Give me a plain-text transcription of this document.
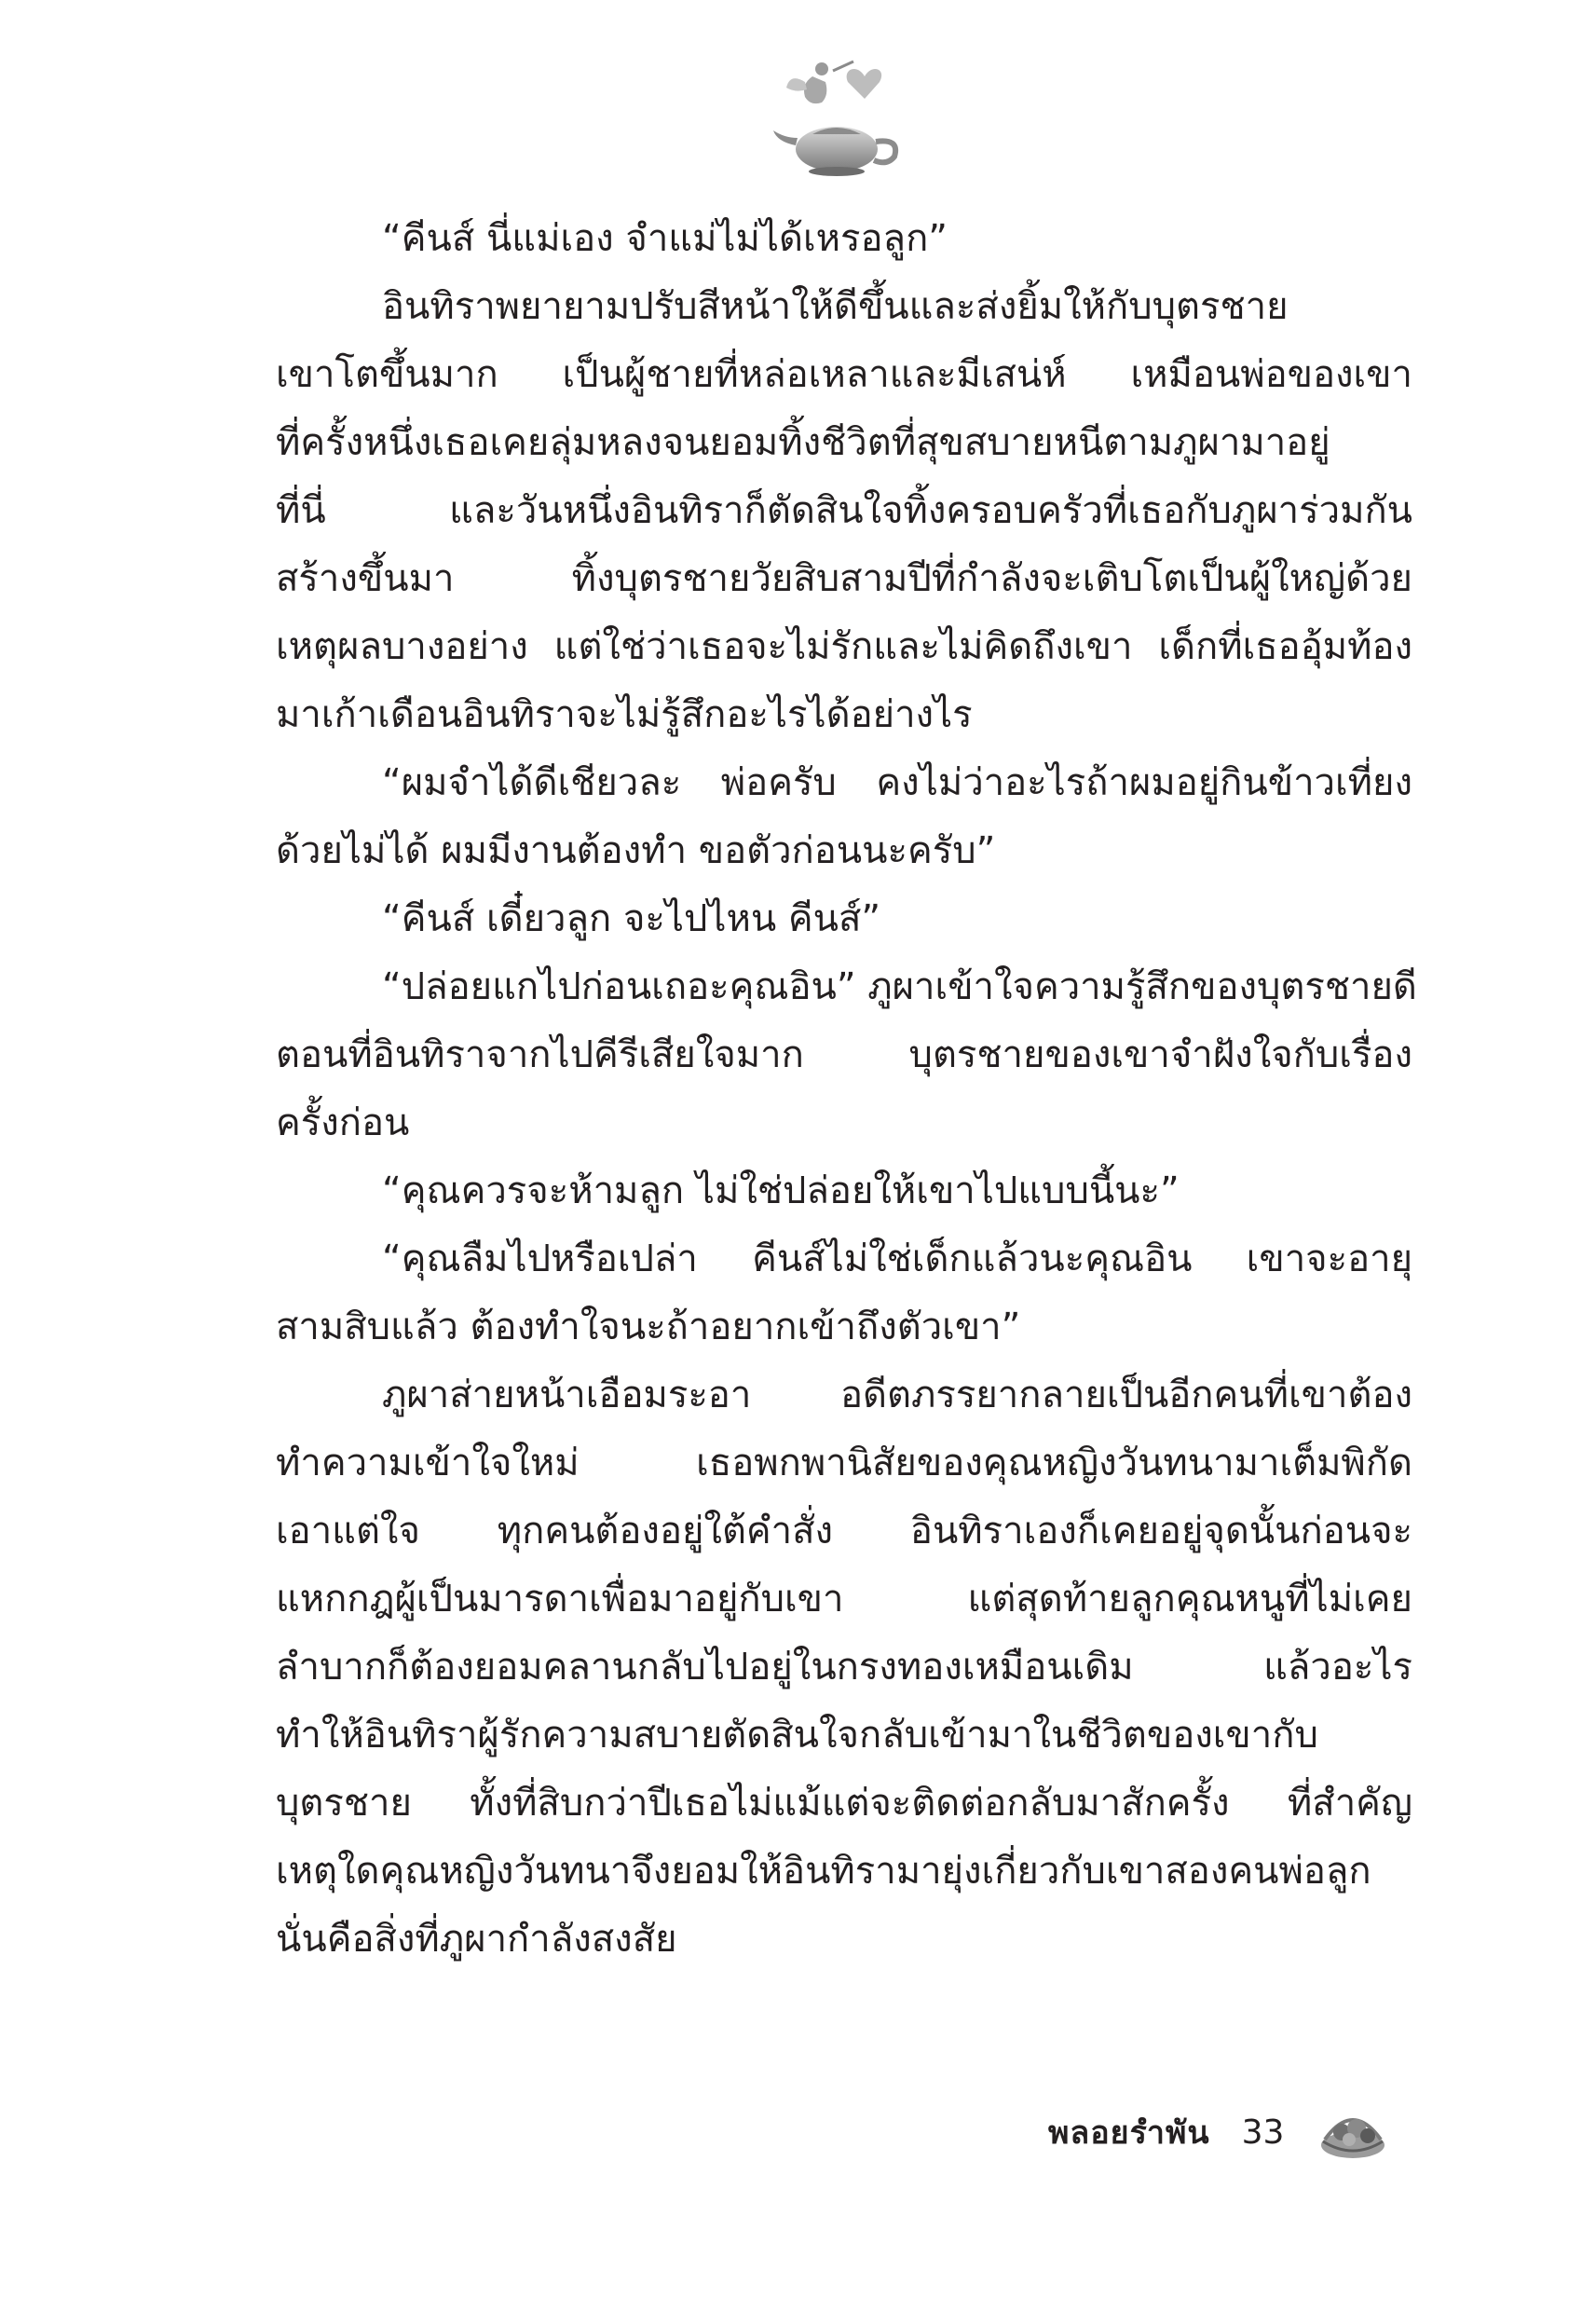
“คีนส์ นี่แม่เอง จำแม่ไม่ได้เหรอลูก”
อินทิราพยายามปรับสีหน้าให้ดีขึ้นและส่งยิ้มให้กับบุตรชาย
เขาโตขึ้นมาก เป็นผู้ชายที่หล่อเหลาและมีเสน่ห์ เหมือนพ่อของเขา
ที่ครั้งหนึ่งเธอเคยลุ่มหลงจนยอมทิ้งชีวิตที่สุขสบายหนีตามภูผามาอยู่
ที่นี่ และวันหนึ่งอินทิราก็ตัดสินใจทิ้งครอบครัวที่เธอกับภูผาร่วมกัน
สร้างขึ้นมา ทิ้งบุตรชายวัยสิบสามปีที่กำลังจะเติบโตเป็นผู้ใหญ่ด้วย
เหตุผลบางอย่าง แต่ใช่ว่าเธอจะไม่รักและไม่คิดถึงเขา เด็กที่เธออุ้มท้อง
มาเก้าเดือนอินทิราจะไม่รู้สึกอะไรได้อย่างไร
“ผมจำได้ดีเชียวละ พ่อครับ คงไม่ว่าอะไรถ้าผมอยู่กินข้าวเที่ยง
ด้วยไม่ได้ ผมมีงานต้องทำ ขอตัวก่อนนะครับ”
“คีนส์ เดี๋ยวลูก จะไปไหน คีนส์”
“ปล่อยแกไปก่อนเถอะคุณอิน” ภูผาเข้าใจความรู้สึกของบุตรชายดี
ตอนที่อินทิราจากไปคีรีเสียใจมาก บุตรชายของเขาจำฝังใจกับเรื่อง
ครั้งก่อน
“คุณควรจะห้ามลูก ไม่ใช่ปล่อยให้เขาไปแบบนี้นะ”
“คุณลืมไปหรือเปล่า คีนส์ไม่ใช่เด็กแล้วนะคุณอิน เขาจะอายุ
สามสิบแล้ว ต้องทำใจนะถ้าอยากเข้าถึงตัวเขา”
ภูผาส่ายหน้าเอือมระอา อดีตภรรยากลายเป็นอีกคนที่เขาต้อง
ทำความเข้าใจใหม่ เธอพกพานิสัยของคุณหญิงวันทนามาเต็มพิกัด
เอาแต่ใจ ทุกคนต้องอยู่ใต้คำสั่ง อินทิราเองก็เคยอยู่จุดนั้นก่อนจะ
แหกกฎผู้เป็นมารดาเพื่อมาอยู่กับเขา แต่สุดท้ายลูกคุณหนูที่ไม่เคย
ลำบากก็ต้องยอมคลานกลับไปอยู่ในกรงทองเหมือนเดิม แล้วอะไร
ทำให้อินทิราผู้รักความสบายตัดสินใจกลับเข้ามาในชีวิตของเขากับ
บุตรชาย ทั้งที่สิบกว่าปีเธอไม่แม้แต่จะติดต่อกลับมาสักครั้ง ที่สำคัญ
เหตุใดคุณหญิงวันทนาจึงยอมให้อินทิรามายุ่งเกี่ยวกับเขาสองคนพ่อลูก
นั่นคือสิ่งที่ภูผากำลังสงสัย
พลอยรำพัน 33
